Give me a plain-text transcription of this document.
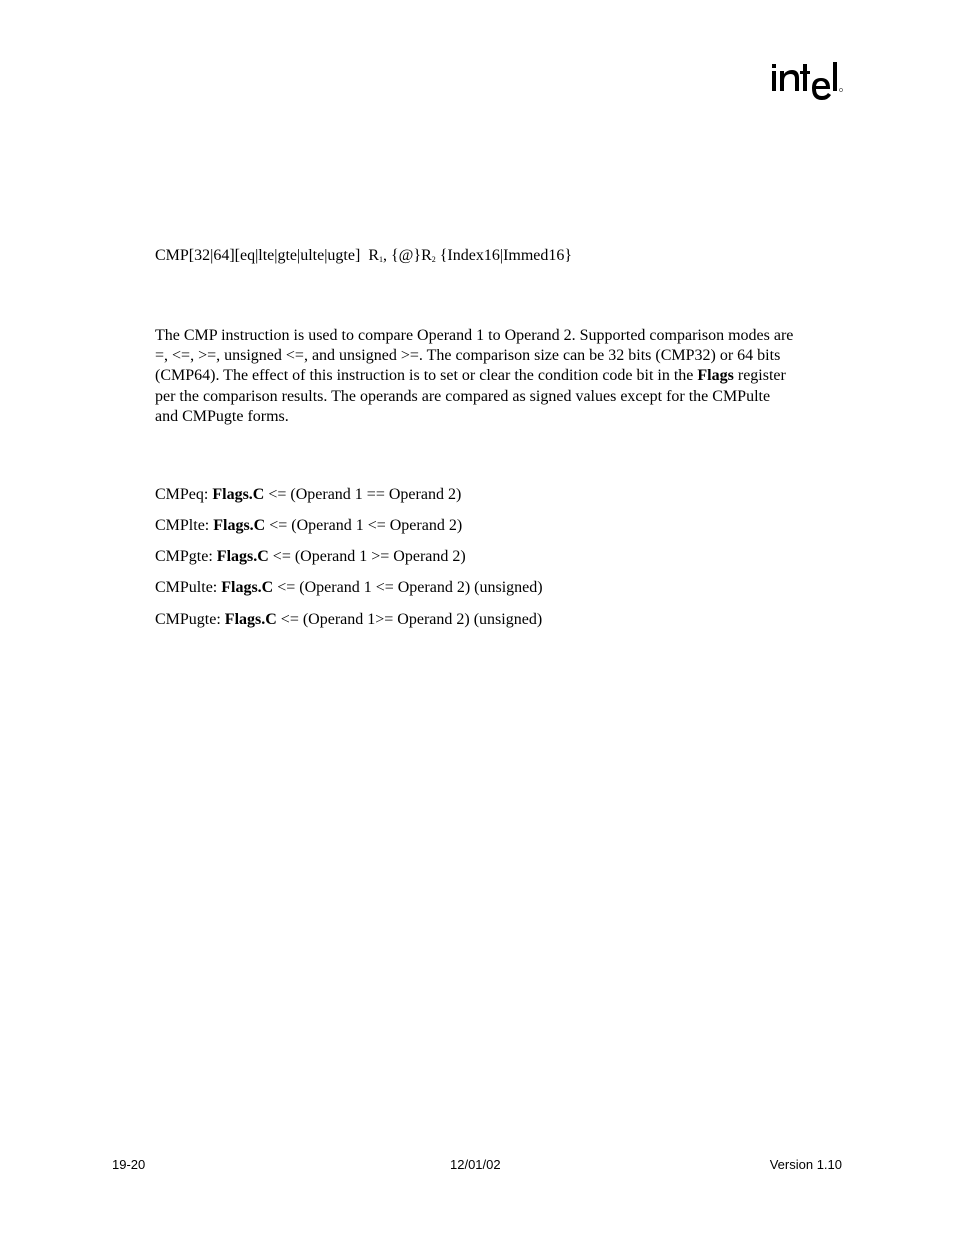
CMP[32|64][eq|lte|gte|ulte|ugte] $R_1$, $\{@\}R_2$ {Index16|Immed16}

The CMP instruction is used to compare Operand 1 to Operand 2. Supported comparison modes are

=, <=, >=, unsigned <=, and unsigned >=. The comparison size can be 32 bits (CMP32) or 64 bits

(CMP64). The effect of this instruction is to set or clear the condition code bit in the Flags register

per the comparison results. The operands are compared as signed values except for the CMPulte

and CMPugte forms.

CMPeq: Flags.C <= (Operand 1 == Operand 2)
CMPlte: Flags.C <= (Operand 1 <= Operand 2)
CMPgte: Flags.C <= (Operand 1 >= Operand 2)
CMPulte: Flags.C <= (Operand 1 <= Operand 2) (unsigned)
CMPugte: Flags.C <= (Operand 1>= Operand 2) (unsigned)
19-20	12/01/02	Version 1.10
